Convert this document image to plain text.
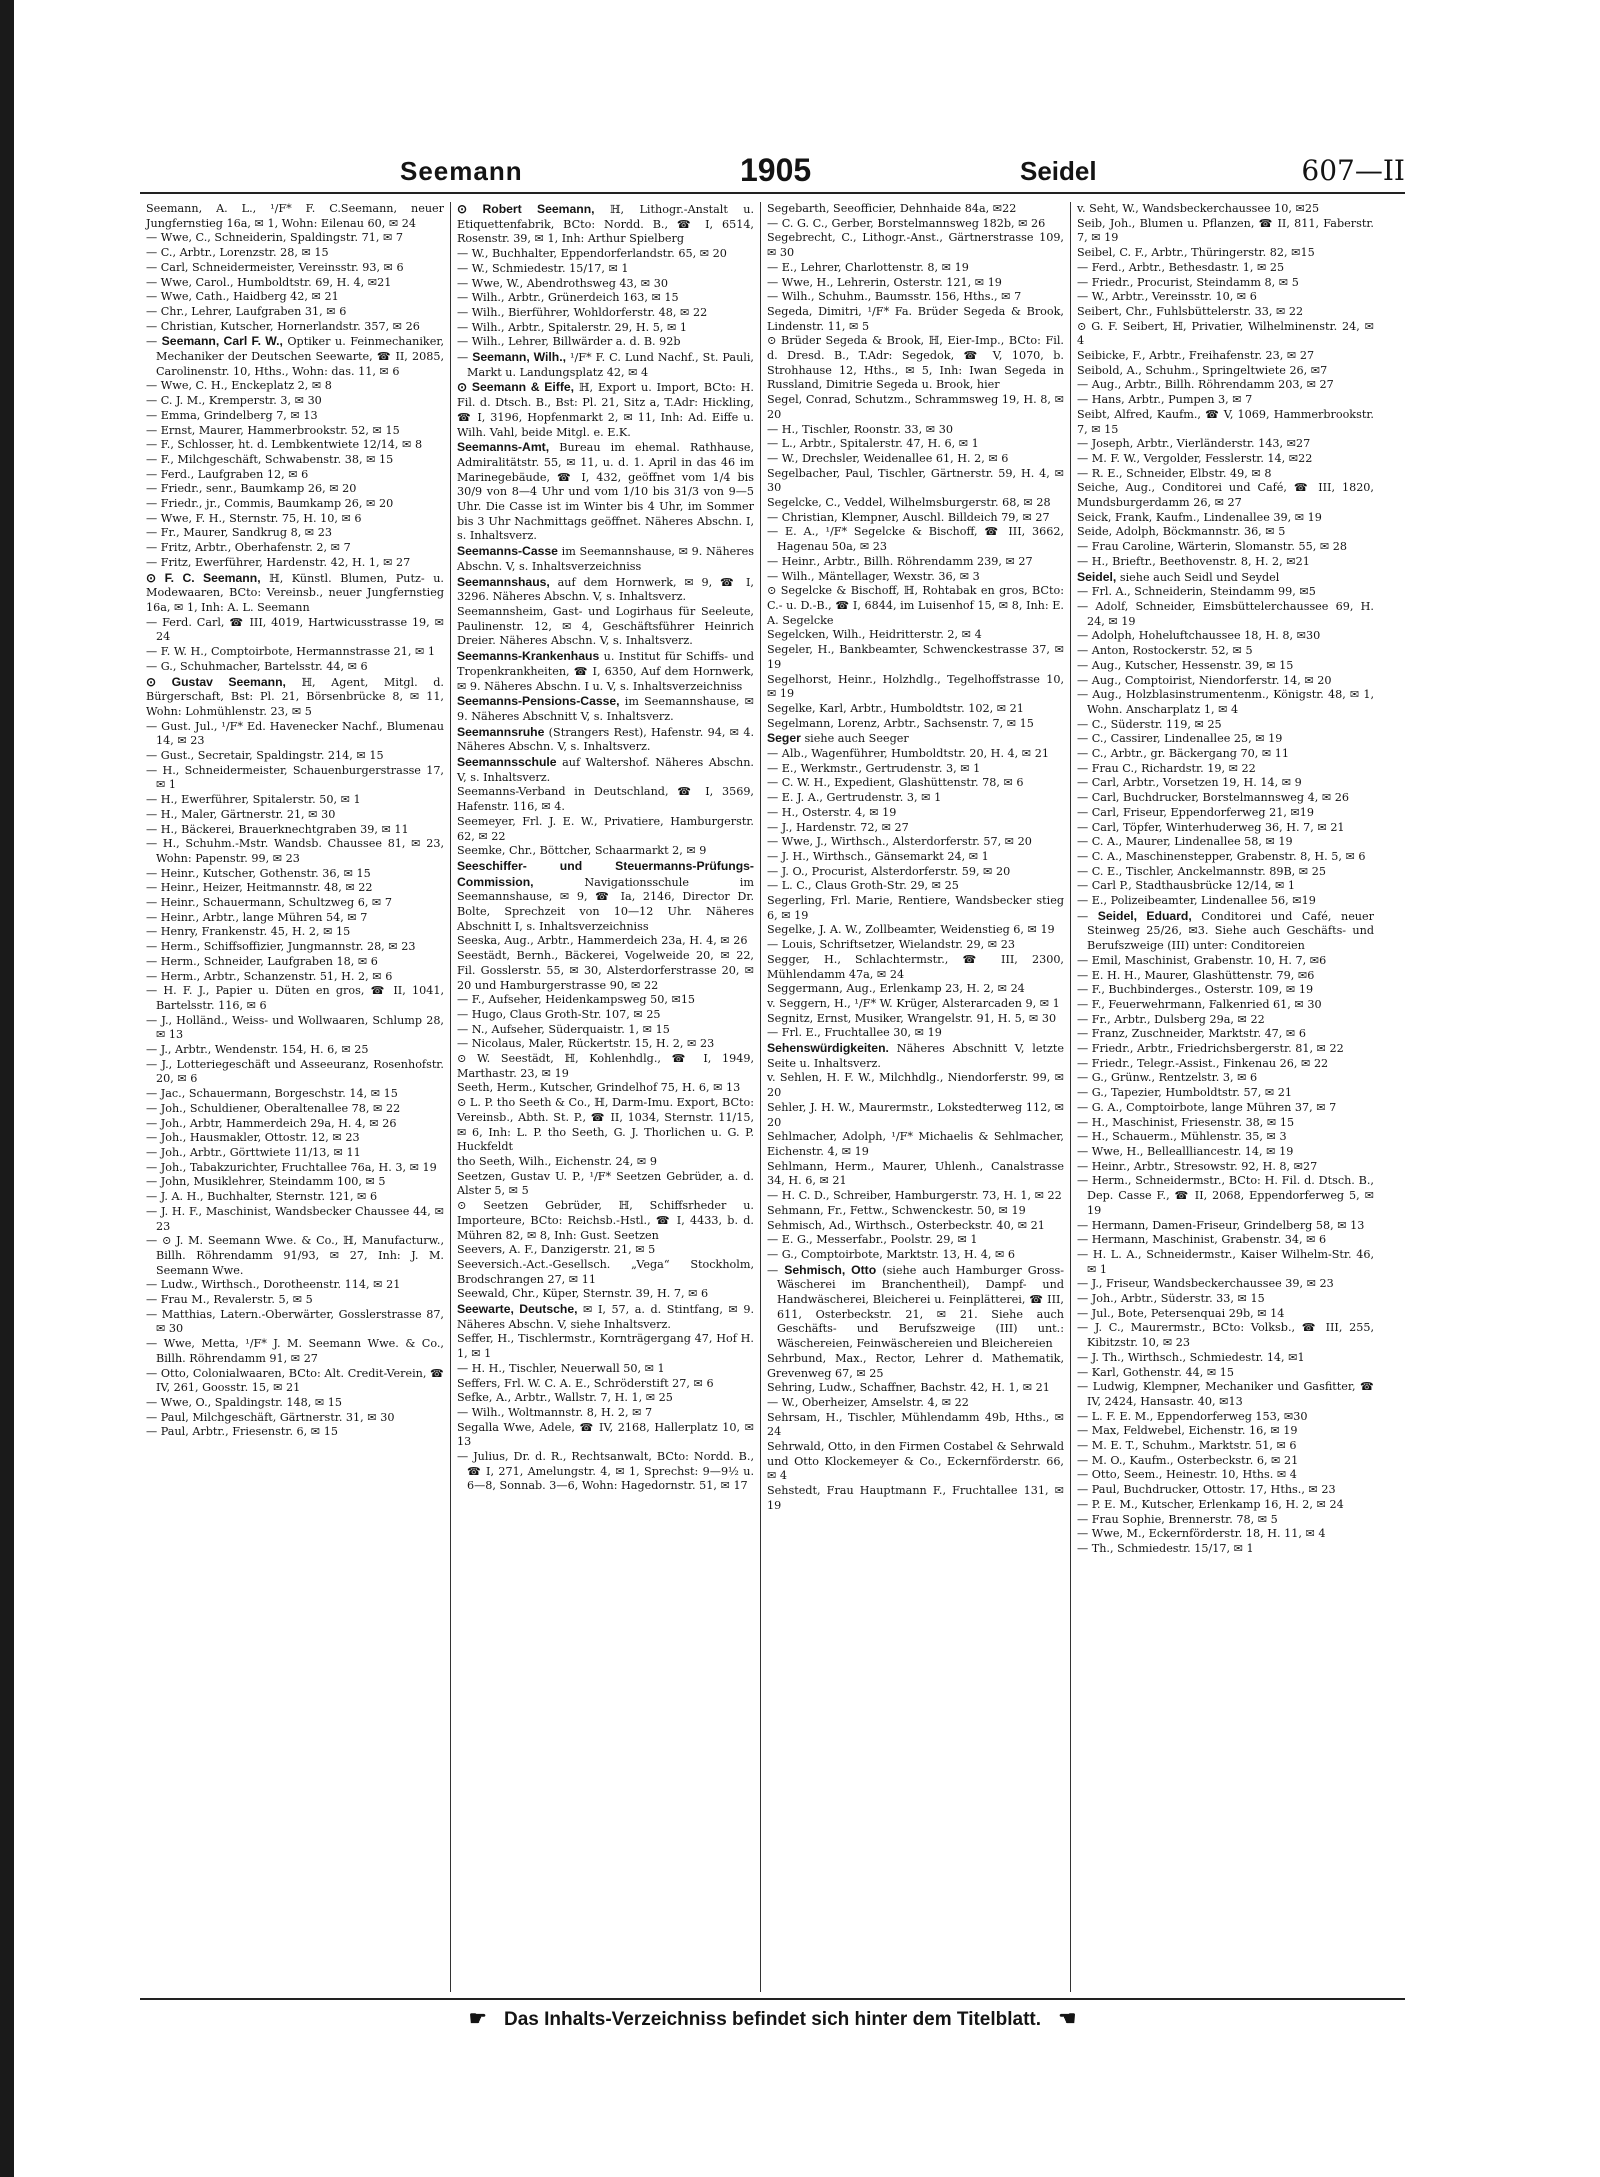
Seemann	1905	Seidel	607—II

Seemann, A. L., ¹/F* F. C.Seemann, neuer Jungfernstieg 16a, ✉ 1, Wohn: Eilenau 60, ✉ 24

— Wwe, C., Schneiderin, Spaldingstr. 71, ✉ 7

— C., Arbtr., Lorenzstr. 28, ✉ 15

— Carl, Schneidermeister, Vereinsstr. 93, ✉ 6

— Wwe, Carol., Humboldtstr. 69, H. 4, ✉21

— Wwe, Cath., Haidberg 42, ✉ 21

— Chr., Lehrer, Laufgraben 31, ✉ 6

— Christian, Kutscher, Hornerlandstr. 357, ✉ 26

— Seemann, Carl F. W., Optiker u. Feinmechaniker, Mechaniker der Deutschen Seewarte, ☎ II, 2085, Carolinenstr. 10, Hths., Wohn: das. 11, ✉ 6

— Wwe, C. H., Enckeplatz 2, ✉ 8

— C. J. M., Kremperstr. 3, ✉ 30

— Emma, Grindelberg 7, ✉ 13

— Ernst, Maurer, Hammerbrookstr. 52, ✉ 15

— F., Schlosser, ht. d. Lembkentwiete 12/14, ✉ 8

— F., Milchgeschäft, Schwabenstr. 38, ✉ 15

— Ferd., Laufgraben 12, ✉ 6

— Friedr., senr., Baumkamp 26, ✉ 20

— Friedr., jr., Commis, Baumkamp 26, ✉ 20

— Wwe, F. H., Sternstr. 75, H. 10, ✉ 6

— Fr., Maurer, Sandkrug 8, ✉ 23

— Fritz, Arbtr., Oberhafenstr. 2, ✉ 7

— Fritz, Ewerführer, Hardenstr. 42, H. 1, ✉ 27

⊙ F. C. Seemann, ℍ, Künstl. Blumen, Putz- u. Modewaaren, BCto: Vereinsb., neuer Jungfernstieg 16a, ✉ 1, Inh: A. L. Seemann

— Ferd. Carl, ☎ III, 4019, Hartwicusstrasse 19, ✉ 24

— F. W. H., Comptoirbote, Hermannstrasse 21, ✉ 1

— G., Schuhmacher, Bartelsstr. 44, ✉ 6

⊙ Gustav Seemann, ℍ, Agent, Mitgl. d. Bürgerschaft, Bst: Pl. 21, Börsenbrücke 8, ✉ 11, Wohn: Lohmühlenstr. 23, ✉ 5

— Gust. Jul., ¹/F* Ed. Havenecker Nachf., Blumenau 14, ✉ 23

— Gust., Secretair, Spaldingstr. 214, ✉ 15

— H., Schneidermeister, Schauenburgerstrasse 17, ✉ 1

— H., Ewerführer, Spitalerstr. 50, ✉ 1

— H., Maler, Gärtnerstr. 21, ✉ 30

— H., Bäckerei, Brauerknechtgraben 39, ✉ 11

— H., Schuhm.-Mstr. Wandsb. Chaussee 81, ✉ 23, Wohn: Papenstr. 99, ✉ 23

— Heinr., Kutscher, Gothenstr. 36, ✉ 15

— Heinr., Heizer, Heitmannstr. 48, ✉ 22

— Heinr., Schauermann, Schultzweg 6, ✉ 7

— Heinr., Arbtr., lange Mühren 54, ✉ 7

— Henry, Frankenstr. 45, H. 2, ✉ 15

— Herm., Schiffsoffizier, Jungmannstr. 28, ✉ 23

— Herm., Schneider, Laufgraben 18, ✉ 6

— Herm., Arbtr., Schanzenstr. 51, H. 2, ✉ 6

— H. F. J., Papier u. Düten en gros, ☎ II, 1041, Bartelsstr. 116, ✉ 6

— J., Holländ., Weiss- und Wollwaaren, Schlump 28, ✉ 13

— J., Arbtr., Wendenstr. 154, H. 6, ✉ 25

— J., Lotteriegeschäft und Asseeuranz, Rosenhofstr. 20, ✉ 6

— Jac., Schauermann, Borgeschstr. 14, ✉ 15

— Joh., Schuldiener, Oberaltenallee 78, ✉ 22

— Joh., Arbtr, Hammerdeich 29a, H. 4, ✉ 26

— Joh., Hausmakler, Ottostr. 12, ✉ 23

— Joh., Arbtr., Görttwiete 11/13, ✉ 11

— Joh., Tabakzurichter, Fruchtallee 76a, H. 3, ✉ 19

— John, Musiklehrer, Steindamm 100, ✉ 5

— J. A. H., Buchhalter, Sternstr. 121, ✉ 6

— J. H. F., Maschinist, Wandsbecker Chaussee 44, ✉ 23

— ⊙ J. M. Seemann Wwe. & Co., ℍ, Manufacturw., Billh. Röhrendamm 91/93, ✉ 27, Inh: J. M. Seemann Wwe.

— Ludw., Wirthsch., Dorotheenstr. 114, ✉ 21

— Frau M., Revalerstr. 5, ✉ 5

— Matthias, Latern.-Oberwärter, Gosslerstrasse 87, ✉ 30

— Wwe, Metta, ¹/F* J. M. Seemann Wwe. & Co., Billh. Röhrendamm 91, ✉ 27

— Otto, Colonialwaaren, BCto: Alt. Credit-Verein, ☎ IV, 261, Goosstr. 15, ✉ 21

— Wwe, O., Spaldingstr. 148, ✉ 15

— Paul, Milchgeschäft, Gärtnerstr. 31, ✉ 30

— Paul, Arbtr., Friesenstr. 6, ✉ 15

⊙ Robert Seemann, ℍ, Lithogr.-Anstalt u. Etiquettenfabrik, BCto: Nordd. B., ☎ I, 6514, Rosenstr. 39, ✉ 1, Inh: Arthur Spielberg

— W., Buchhalter, Eppendorferlandstr. 65, ✉ 20

— W., Schmiedestr. 15/17, ✉ 1

— Wwe, W., Abendrothsweg 43, ✉ 30

— Wilh., Arbtr., Grünerdeich 163, ✉ 15

— Wilh., Bierführer, Wohldorferstr. 48, ✉ 22

— Wilh., Arbtr., Spitalerstr. 29, H. 5, ✉ 1

— Wilh., Lehrer, Billwärder a. d. B. 92b

— Seemann, Wilh., ¹/F* F. C. Lund Nachf., St. Pauli, Markt u. Landungsplatz 42, ✉ 4

⊙ Seemann & Eiffe, ℍ, Export u. Import, BCto: H. Fil. d. Dtsch. B., Bst: Pl. 21, Sitz a, T.Adr: Hickling, ☎ I, 3196, Hopfenmarkt 2, ✉ 11, Inh: Ad. Eiffe u. Wilh. Vahl, beide Mitgl. e. E.K.

Seemanns-Amt, Bureau im ehemal. Rathhause, Admiralitätstr. 55, ✉ 11, u. d. 1. April in das 46 im Marinegebäude, ☎ I, 432, geöffnet vom 1/4 bis 30/9 von 8—4 Uhr und vom 1/10 bis 31/3 von 9—5 Uhr. Die Casse ist im Winter bis 4 Uhr, im Sommer bis 3 Uhr Nachmittags geöffnet. Näheres Abschn. I, s. Inhaltsverz.

Seemanns-Casse im Seemannshause, ✉ 9. Näheres Abschn. V, s. Inhaltsverzeichniss

Seemannshaus, auf dem Hornwerk, ✉ 9, ☎ I, 3296. Näheres Abschn. V, s. Inhaltsverz.

Seemannsheim, Gast- und Logirhaus für Seeleute, Paulinenstr. 12, ✉ 4, Geschäftsführer Heinrich Dreier. Näheres Abschn. V, s. Inhaltsverz.

Seemanns-Krankenhaus u. Institut für Schiffs- und Tropenkrankheiten, ☎ I, 6350, Auf dem Hornwerk, ✉ 9. Näheres Abschn. I u. V, s. Inhaltsverzeichniss

Seemanns-Pensions-Casse, im Seemannshause, ✉ 9. Näheres Abschnitt V, s. Inhaltsverz.

Seemannsruhe (Strangers Rest), Hafenstr. 94, ✉ 4. Näheres Abschn. V, s. Inhaltsverz.

Seemannsschule auf Waltershof. Näheres Abschn. V, s. Inhaltsverz.

Seemanns-Verband in Deutschland, ☎ I, 3569, Hafenstr. 116, ✉ 4.

Seemeyer, Frl. J. E. W., Privatiere, Hamburgerstr. 62, ✉ 22

Seemke, Chr., Böttcher, Schaarmarkt 2, ✉ 9

Seeschiffer- und Steuermanns-Prüfungs-Commission,	Navigationsschule im Seemannshause, ✉ 9, ☎ Ia, 2146, Director Dr. Bolte, Sprechzeit von 10—12 Uhr. Näheres Abschnitt I, s. Inhaltsverzeichniss

Seeska, Aug., Arbtr., Hammerdeich 23a, H. 4, ✉ 26

Seestädt, Bernh., Bäckerei, Vogelweide 20, ✉ 22, Fil. Gosslerstr. 55, ✉ 30, Alsterdorferstrasse 20, ✉ 20 und Hamburgerstrasse 90, ✉ 22

— F., Aufseher, Heidenkampsweg 50, ✉15

— Hugo, Claus Groth-Str. 107, ✉ 25

— N., Aufseher, Süderquaistr. 1, ✉ 15

— Nicolaus, Maler, Rückertstr. 15, H. 2, ✉ 23

⊙ W. Seestädt, ℍ, Kohlenhdlg., ☎ I, 1949, Marthastr. 23, ✉ 19

Seeth, Herm., Kutscher, Grindelhof 75, H. 6, ✉ 13

⊙ L. P. tho Seeth & Co., ℍ, Darm-Imu. Export, BCto: Vereinsb., Abth. St. P., ☎ II, 1034, Sternstr. 11/15, ✉ 6, Inh: L. P. tho Seeth, G. J. Thorlichen u. G. P. Huckfeldt

tho Seeth, Wilh., Eichenstr. 24, ✉ 9

Seetzen, Gustav U. P., ¹/F* Seetzen Gebrüder, a. d. Alster 5, ✉ 5

⊙ Seetzen Gebrüder, ℍ, Schiffsrheder u. Importeure, BCto: Reichsb.-Hstl., ☎ I, 4433, b. d. Mühren 82, ✉ 8, Inh: Gust. Seetzen

Seevers, A. F., Danzigerstr. 21, ✉ 5

Seeversich.-Act.-Gesellsch. „Vega“ Stockholm, Brodschrangen 27, ✉ 11

Seewald, Chr., Küper, Sternstr. 39, H. 7, ✉ 6

Seewarte, Deutsche, ✉ I, 57, a. d. Stintfang, ✉ 9. Näheres Abschn. V, siehe Inhaltsverz.

Seffer, H., Tischlermstr., Kornträgergang 47, Hof H. 1, ✉ 1

— H. H., Tischler, Neuerwall 50, ✉ 1

Seffers, Frl. W. C. A. E., Schröderstift 27, ✉ 6

Sefke, A., Arbtr., Wallstr. 7, H. 1, ✉ 25

— Wilh., Woltmannstr. 8, H. 2, ✉ 7

Segalla Wwe, Adele, ☎ IV, 2168, Hallerplatz 10, ✉ 13

— Julius, Dr. d. R., Rechtsanwalt, BCto: Nordd. B., ☎ I, 271, Amelungstr. 4, ✉ 1, Sprechst: 9—9½ u. 6—8, Sonnab. 3—6, Wohn: Hagedornstr. 51, ✉ 17

Segebarth, Seeofficier, Dehnhaide 84a, ✉22

— C. G. C., Gerber, Borstelmannsweg 182b, ✉ 26

Segebrecht, C., Lithogr.-Anst., Gärtnerstrasse 109, ✉ 30

— E., Lehrer, Charlottenstr. 8, ✉ 19

— Wwe, H., Lehrerin, Osterstr. 121, ✉ 19

— Wilh., Schuhm., Baumsstr. 156, Hths., ✉ 7

Segeda, Dimitri, ¹/F* Fa. Brüder Segeda & Brook, Lindenstr. 11, ✉ 5

⊙ Brüder Segeda & Brook, ℍ, Eier-Imp., BCto: Fil. d. Dresd. B., T.Adr: Segedok, ☎ V, 1070, b. Strohhause 12, Hths., ✉ 5, Inh: Iwan Segeda in Russland, Dimitrie Segeda u. Brook, hier

Segel, Conrad, Schutzm., Schrammsweg 19, H. 8, ✉ 20

— H., Tischler, Roonstr. 33, ✉ 30

— L., Arbtr., Spitalerstr. 47, H. 6, ✉ 1

— W., Drechsler, Weidenallee 61, H. 2, ✉ 6

Segelbacher, Paul, Tischler, Gärtnerstr. 59, H. 4, ✉ 30

Segelcke, C., Veddel, Wilhelmsburgerstr. 68, ✉ 28

— Christian, Klempner, Auschl. Billdeich 79, ✉ 27

— E. A., ¹/F* Segelcke & Bischoff, ☎ III, 3662, Hagenau 50a, ✉ 23

— Heinr., Arbtr., Billh. Röhrendamm 239, ✉ 27

— Wilh., Mäntellager, Wexstr. 36, ✉ 3

⊙ Segelcke & Bischoff, ℍ, Rohtabak en gros, BCto: C.- u. D.-B., ☎ I, 6844, im Luisenhof 15, ✉ 8, Inh: E. A. Segelcke

Segelcken, Wilh., Heidritterstr. 2, ✉ 4

Segeler, H., Bankbeamter, Schwenckestrasse 37, ✉ 19

Segelhorst, Heinr., Holzhdlg., Tegelhoffstrasse 10, ✉ 19

Segelke, Karl, Arbtr., Humboldtstr. 102, ✉ 21

Segelmann, Lorenz, Arbtr., Sachsenstr. 7, ✉ 15

Seger siehe auch Seeger

— Alb., Wagenführer, Humboldtstr. 20, H. 4, ✉ 21

— E., Werkmstr., Gertrudenstr. 3, ✉ 1

— C. W. H., Expedient, Glashüttenstr. 78, ✉ 6

— E. J. A., Gertrudenstr. 3, ✉ 1

— H., Osterstr. 4, ✉ 19

— J., Hardenstr. 72, ✉ 27

— Wwe, J., Wirthsch., Alsterdorferstr. 57, ✉ 20

— J. H., Wirthsch., Gänsemarkt 24, ✉ 1

— J. O., Procurist, Alsterdorferstr. 59, ✉ 20

— L. C., Claus Groth-Str. 29, ✉ 25

Segerling, Frl. Marie, Rentiere, Wandsbecker stieg 6, ✉ 19

Segelke, J. A. W., Zollbeamter, Weidenstieg 6, ✉ 19

— Louis, Schriftsetzer, Wielandstr. 29, ✉ 23

Segger, H., Schlachtermstr., ☎ III, 2300, Mühlendamm 47a, ✉ 24

Seggermann, Aug., Erlenkamp 23, H. 2, ✉ 24

v. Seggern, H., ¹/F* W. Krüger, Alsterarcaden 9, ✉ 1

Segnitz, Ernst, Musiker, Wrangelstr. 91, H. 5, ✉ 30

— Frl. E., Fruchtallee 30, ✉ 19

Sehenswürdigkeiten. Näheres Abschnitt V, letzte Seite u. Inhaltsverz.

v. Sehlen, H. F. W., Milchhdlg., Niendorferstr. 99, ✉ 20

Sehler, J. H. W., Maurermstr., Lokstedterweg 112, ✉ 20

Sehlmacher, Adolph, ¹/F* Michaelis & Sehlmacher, Eichenstr. 4, ✉ 19

Sehlmann, Herm., Maurer, Uhlenh., Canalstrasse 34, H. 6, ✉ 21

— H. C. D., Schreiber, Hamburgerstr. 73, H. 1, ✉ 22

Sehmann, Fr., Fettw., Schwenckestr. 50, ✉ 19

Sehmisch, Ad., Wirthsch., Osterbeckstr. 40, ✉ 21

— E. G., Messerfabr., Poolstr. 29, ✉ 1

— G., Comptoirbote, Marktstr. 13, H. 4, ✉ 6

— Sehmisch, Otto (siehe auch Hamburger Gross-Wäscherei im Branchentheil), Dampf- und Handwäscherei, Bleicherei u. Feinplätterei, ☎ III, 611, Osterbeckstr. 21, ✉ 21. Siehe auch Geschäfts- und Berufszweige (III) unt.: Wäschereien, Feinwäschereien und Bleichereien

Sehrbund, Max., Rector, Lehrer d. Mathematik, Grevenweg 67, ✉ 25

Sehring, Ludw., Schaffner, Bachstr. 42, H. 1, ✉ 21

— W., Oberheizer, Amselstr. 4, ✉ 22

Sehrsam, H., Tischler, Mühlendamm 49b, Hths., ✉ 24

Sehrwald, Otto, in den Firmen Costabel & Sehrwald und Otto Klockemeyer & Co., Eckernförderstr. 66, ✉ 4

Sehstedt, Frau Hauptmann F., Fruchtallee 131, ✉ 19

v. Seht, W., Wandsbeckerchaussee 10, ✉25

Seib, Joh., Blumen u. Pflanzen, ☎ II, 811, Faberstr. 7, ✉ 19

Seibel, C. F., Arbtr., Thüringerstr. 82, ✉15

— Ferd., Arbtr., Bethesdastr. 1, ✉ 25

— Friedr., Procurist, Steindamm 8, ✉ 5

— W., Arbtr., Vereinsstr. 10, ✉ 6

Seibert, Chr., Fuhlsbüttelerstr. 33, ✉ 22

⊙ G. F. Seibert, ℍ, Privatier, Wilhelminenstr. 24, ✉ 4

Seibicke, F., Arbtr., Freihafenstr. 23, ✉ 27

Seibold, A., Schuhm., Springeltwiete 26, ✉7

— Aug., Arbtr., Billh. Röhrendamm 203, ✉ 27

— Hans, Arbtr., Pumpen 3, ✉ 7

Seibt, Alfred, Kaufm., ☎ V, 1069, Hammerbrookstr. 7, ✉ 15

— Joseph, Arbtr., Vierländerstr. 143, ✉27

— M. F. W., Vergolder, Fesslerstr. 14, ✉22

— R. E., Schneider, Elbstr. 49, ✉ 8

Seiche, Aug., Conditorei und Café, ☎ III, 1820, Mundsburgerdamm 26, ✉ 27

Seick, Frank, Kaufm., Lindenallee 39, ✉ 19

Seide, Adolph, Böckmannstr. 36, ✉ 5

— Frau Caroline, Wärterin, Slomanstr. 55, ✉ 28

— H., Brieftr., Beethovenstr. 8, H. 2, ✉21

Seidel, siehe auch Seidl und Seydel

— Frl. A., Schneiderin, Steindamm 99, ✉5

— Adolf, Schneider, Eimsbüttelerchaussee 69, H. 24, ✉ 19

— Adolph, Hoheluftchaussee 18, H. 8, ✉30

— Anton, Rostockerstr. 52, ✉ 5

— Aug., Kutscher, Hessenstr. 39, ✉ 15

— Aug., Comptoirist, Niendorferstr. 14, ✉ 20

— Aug., Holzblasinstrumentenm., Königstr. 48, ✉ 1, Wohn. Anscharplatz 1, ✉ 4

— C., Süderstr. 119, ✉ 25

— C., Cassirer, Lindenallee 25, ✉ 19

— C., Arbtr., gr. Bäckergang 70, ✉ 11

— Frau C., Richardstr. 19, ✉ 22

— Carl, Arbtr., Vorsetzen 19, H. 14, ✉ 9

— Carl, Buchdrucker, Borstelmannsweg 4, ✉ 26

— Carl, Friseur, Eppendorferweg 21, ✉19

— Carl, Töpfer, Winterhuderweg 36, H. 7, ✉ 21

— C. A., Maurer, Lindenallee 58, ✉ 19

— C. A., Maschinenstepper, Grabenstr. 8, H. 5, ✉ 6

— C. E., Tischler, Anckelmannstr. 89B, ✉ 25

— Carl P., Stadthausbrücke 12/14, ✉ 1

— E., Polizeibeamter, Lindenallee 56, ✉19

— Seidel, Eduard, Conditorei und Café, neuer Steinweg 25/26, ✉3. Siehe auch Geschäfts- und Berufszweige (III) unter: Conditoreien

— Emil, Maschinist, Grabenstr. 10, H. 7, ✉6

— E. H. H., Maurer, Glashüttenstr. 79, ✉6

— F., Buchbinderges., Osterstr. 109, ✉ 19

— F., Feuerwehrmann, Falkenried 61, ✉ 30

— Fr., Arbtr., Dulsberg 29a, ✉ 22

— Franz, Zuschneider, Marktstr. 47, ✉ 6

— Friedr., Arbtr., Friedrichsbergerstr. 81, ✉ 22

— Friedr., Telegr.-Assist., Finkenau 26, ✉ 22

— G., Grünw., Rentzelstr. 3, ✉ 6

— G., Tapezier, Humboldtstr. 57, ✉ 21

— G. A., Comptoirbote, lange Mühren 37, ✉ 7

— H., Maschinist, Friesenstr. 38, ✉ 15

— H., Schauerm., Mühlenstr. 35, ✉ 3

— Wwe, H., Belleallliancestr. 14, ✉ 19

— Heinr., Arbtr., Stresowstr. 92, H. 8, ✉27

— Herm., Schneidermstr., BCto: H. Fil. d. Dtsch. B., Dep. Casse F., ☎ II, 2068, Eppendorferweg 5, ✉ 19

— Hermann, Damen-Friseur, Grindelberg 58, ✉ 13

— Hermann, Maschinist, Grabenstr. 34, ✉ 6

— H. L. A., Schneidermstr., Kaiser Wilhelm-Str. 46, ✉ 1

— J., Friseur, Wandsbeckerchaussee 39, ✉ 23

— Joh., Arbtr., Süderstr. 33, ✉ 15

— Jul., Bote, Petersenquai 29b, ✉ 14

— J. C., Maurermstr., BCto: Volksb., ☎ III, 255, Kibitzstr. 10, ✉ 23

— J. Th., Wirthsch., Schmiedestr. 14, ✉1

— Karl, Gothenstr. 44, ✉ 15

— Ludwig, Klempner, Mechaniker und Gasfitter, ☎ IV, 2424, Hansastr. 40, ✉13

— L. F. E. M., Eppendorferweg 153, ✉30

— Max, Feldwebel, Eichenstr. 16, ✉ 19

— M. E. T., Schuhm., Marktstr. 51, ✉ 6

— M. O., Kaufm., Osterbeckstr. 6, ✉ 21

— Otto, Seem., Heinestr. 10, Hths. ✉ 4

— Paul, Buchdrucker, Ottostr. 17, Hths., ✉ 23

— P. E. M., Kutscher, Erlenkamp 16, H. 2, ✉ 24

— Frau Sophie, Brennerstr. 78, ✉ 5

— Wwe, M., Eckernförderstr. 18, H. 11, ✉ 4

— Th., Schmiedestr. 15/17, ✉ 1

☛ Das Inhalts-Verzeichniss befindet sich hinter dem Titelblatt. ☚
